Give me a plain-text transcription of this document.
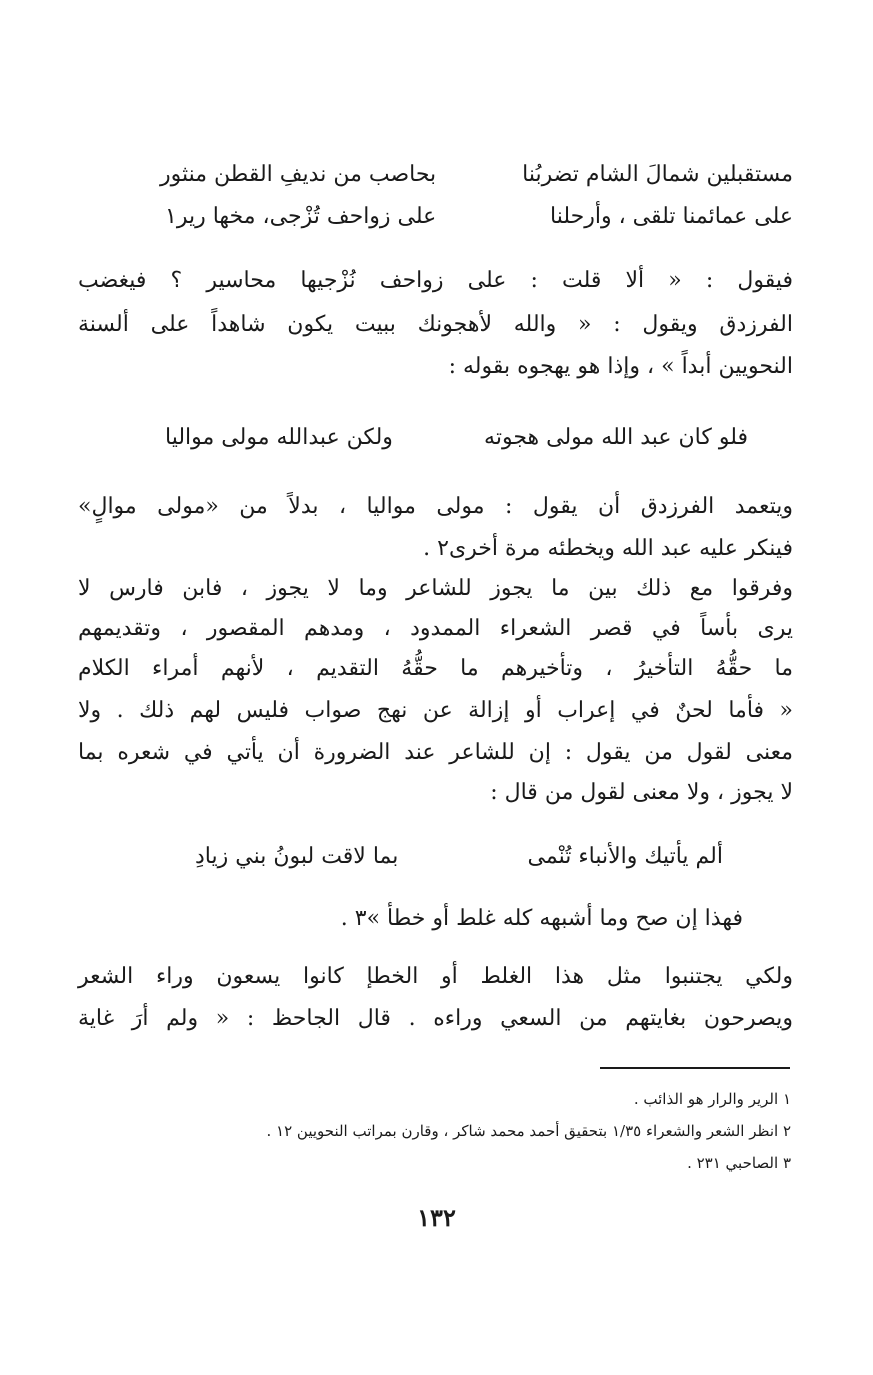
مستقبلين شمالَ الشام تضربُنا
بحاصب من نديفِ القطن منثور
على عمائمنا تلقى ، وأرحلنا
على زواحف تُزْجى، مخها رير١
فيقول : « ألا قلت : على زواحف نُزْجيها محاسير ؟ فيغضب
الفرزدق ويقول : « والله لأهجونك ببيت يكون شاهداً على ألسنة
النحويين أبداً » ، وإذا هو يهجوه بقوله :
فلو كان عبد الله مولى هجوته
ولكن عبدالله مولى مواليا
ويتعمد الفرزدق أن يقول : مولى مواليا ، بدلاً من «مولى موالٍ»
فينكر عليه عبد الله ويخطئه مرة أخرى٢ .
وفرقوا مع ذلك بين ما يجوز للشاعر وما لا يجوز ، فابن فارس لا
يرى بأساً في قصر الشعراء الممدود ، ومدهم المقصور ، وتقديمهم
ما حقُّهُ التأخيرُ ، وتأخيرهم ما حقُّهُ التقديم ، لأنهم أمراء الكلام
« فأما لحنٌ في إعراب أو إزالة عن نهج صواب فليس لهم ذلك . ولا
معنى لقول من يقول : إن للشاعر عند الضرورة أن يأتي في شعره بما
لا يجوز ، ولا معنى لقول من قال :
ألم يأتيك والأنباء تُنْمى
بما لاقت لبونُ بني زيادِ
فهذا إن صح وما أشبهه كله غلط أو خطأ »٣ .
ولكي يجتنبوا مثل هذا الغلط أو الخطإ كانوا يسعون وراء الشعر
ويصرحون بغايتهم من السعي وراءه . قال الجاحظ : « ولم أرَ غاية
١ الرير والرار هو الذائب .
٢ انظر الشعر والشعراء ١/٣٥ بتحقيق أحمد محمد شاكر ، وقارن بمراتب النحويين ١٢ .
٣ الصاحبي ٢٣١ .
١٣٢
